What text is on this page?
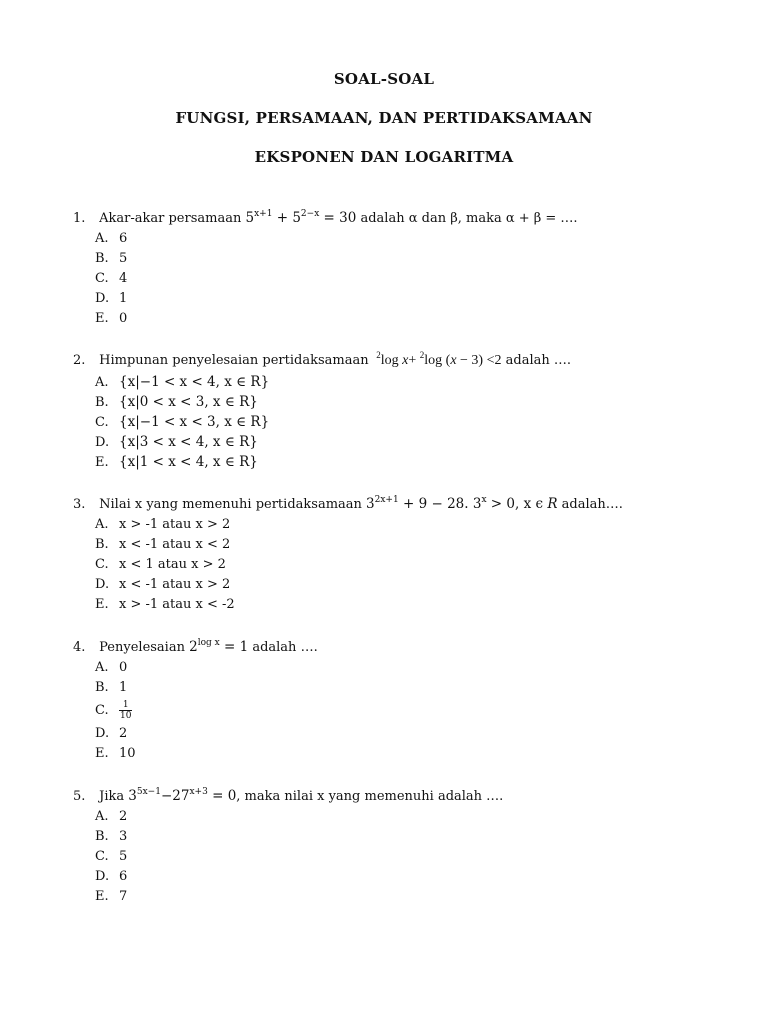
SOAL-SOAL
FUNGSI, PERSAMAAN, DAN PERTIDAKSAMAAN
EKSPONEN DAN LOGARITMA
1. Akar-akar persamaan $5^{x+1} + 5^{2-x} = 30$ adalah α dan β, maka α + β = ….
A. 6
B. 5
C. 4
D. 1
E. 0
2. Himpunan penyelesaian pertidaksamaan $^2$log x+ $^2$log (x − 3) <2 adalah ….
A. {x|−1 < x < 4, x ∈ R}
B. {x|0 < x < 3, x ∈ R}
C. {x|−1 < x < 3, x ∈ R}
D. {x|3 < x < 4, x ∈ R}
E. {x|1 < x < 4, x ∈ R}
3. Nilai x yang memenuhi pertidaksamaan $3^{2x+1} + 9 - 28$. $3^x > 0$, x ϵ R adalah….
A. x > -1 atau x > 2
B. x < -1 atau x < 2
C. x < 1 atau x > 2
D. x < -1 atau x > 2
E. x > -1 atau x < -2
4. Penyelesaian $2^{log x} = 1$ adalah ….
A. 0
B. 1
C. $\frac{1}{10}$
D. 2
E. 10
5. Jika $3^{5x-1}-27^{x+3} = 0$, maka nilai x yang memenuhi adalah ….
A. 2
B. 3
C. 5
D. 6
E. 7
